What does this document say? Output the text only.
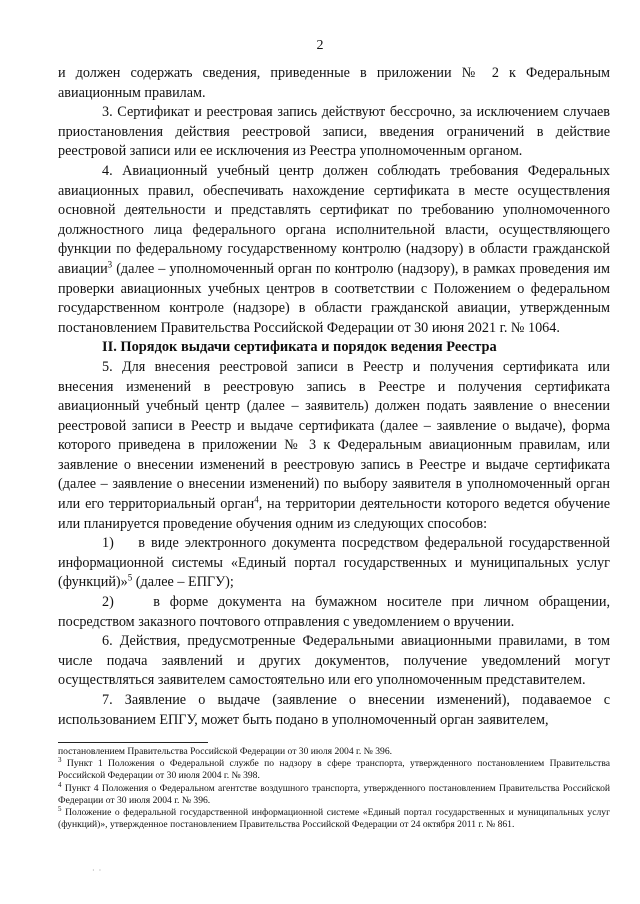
2

и должен содержать сведения, приведенные в приложении № 2 к Федеральным авиационным правилам.

3. Сертификат и реестровая запись действуют бессрочно, за исключением случаев приостановления действия реестровой записи, введения ограничений в действие реестровой записи или ее исключения из Реестра уполномоченным органом.

4. Авиационный учебный центр должен соблюдать требования Федеральных авиационных правил, обеспечивать нахождение сертификата в месте осуществления основной деятельности и представлять сертификат по требованию уполномоченного должностного лица федерального органа исполнительной власти, осуществляющего функции по федеральному государственному контролю (надзору) в области гражданской авиации$^3$ (далее – уполномоченный орган по контролю (надзору), в рамках проведения им проверки авиационных учебных центров в соответствии с Положением о федеральном государственном контроле (надзоре) в области гражданской авиации, утвержденным постановлением Правительства Российской Федерации от 30 июня 2021 г. № 1064.

II. Порядок выдачи сертификата и порядок ведения Реестра

5. Для внесения реестровой записи в Реестр и получения сертификата или внесения изменений в реестровую запись в Реестре и получения сертификата авиационный учебный центр (далее – заявитель) должен подать заявление о внесении реестровой записи в Реестр и выдаче сертификата (далее – заявление о выдаче), форма которого приведена в приложении № 3 к Федеральным авиационным правилам, или заявление о внесении изменений в реестровую запись в Реестре и выдаче сертификата (далее – заявление о внесении изменений) по выбору заявителя в уполномоченный орган или его территориальный орган$^4$, на территории деятельности которого ведется обучение или планируется проведение обучения одним из следующих способов:

1)    в виде электронного документа посредством федеральной государственной информационной системы «Единый портал государственных и муниципальных услуг (функций)»$^5$ (далее – ЕПГУ);

2)    в форме документа на бумажном носителе при личном обращении, посредством заказного почтового отправления с уведомлением о вручении.

6. Действия, предусмотренные Федеральными авиационными правилами, в том числе подача заявлений и других документов, получение уведомлений могут осуществляться заявителем самостоятельно или его уполномоченным представителем.

7. Заявление о выдаче (заявление о внесении изменений), подаваемое с использованием ЕПГУ, может быть подано в уполномоченный орган заявителем,

постановлением Правительства Российской Федерации от 30 июля 2004 г. № 396.

$^3$ Пункт 1 Положения о Федеральной службе по надзору в сфере транспорта, утвержденного постановлением Правительства Российской Федерации от 30 июля 2004 г. № 398.

$^4$ Пункт 4 Положения о Федеральном агентстве воздушного транспорта, утвержденного постановлением Правительства Российской Федерации от 30 июля 2004 г. № 396.

$^5$ Положение о федеральной государственной информационной системе «Единый портал государственных и муниципальных услуг (функций)», утвержденное постановлением Правительства Российской Федерации от 24 октября 2011 г. № 861.

·  ·
